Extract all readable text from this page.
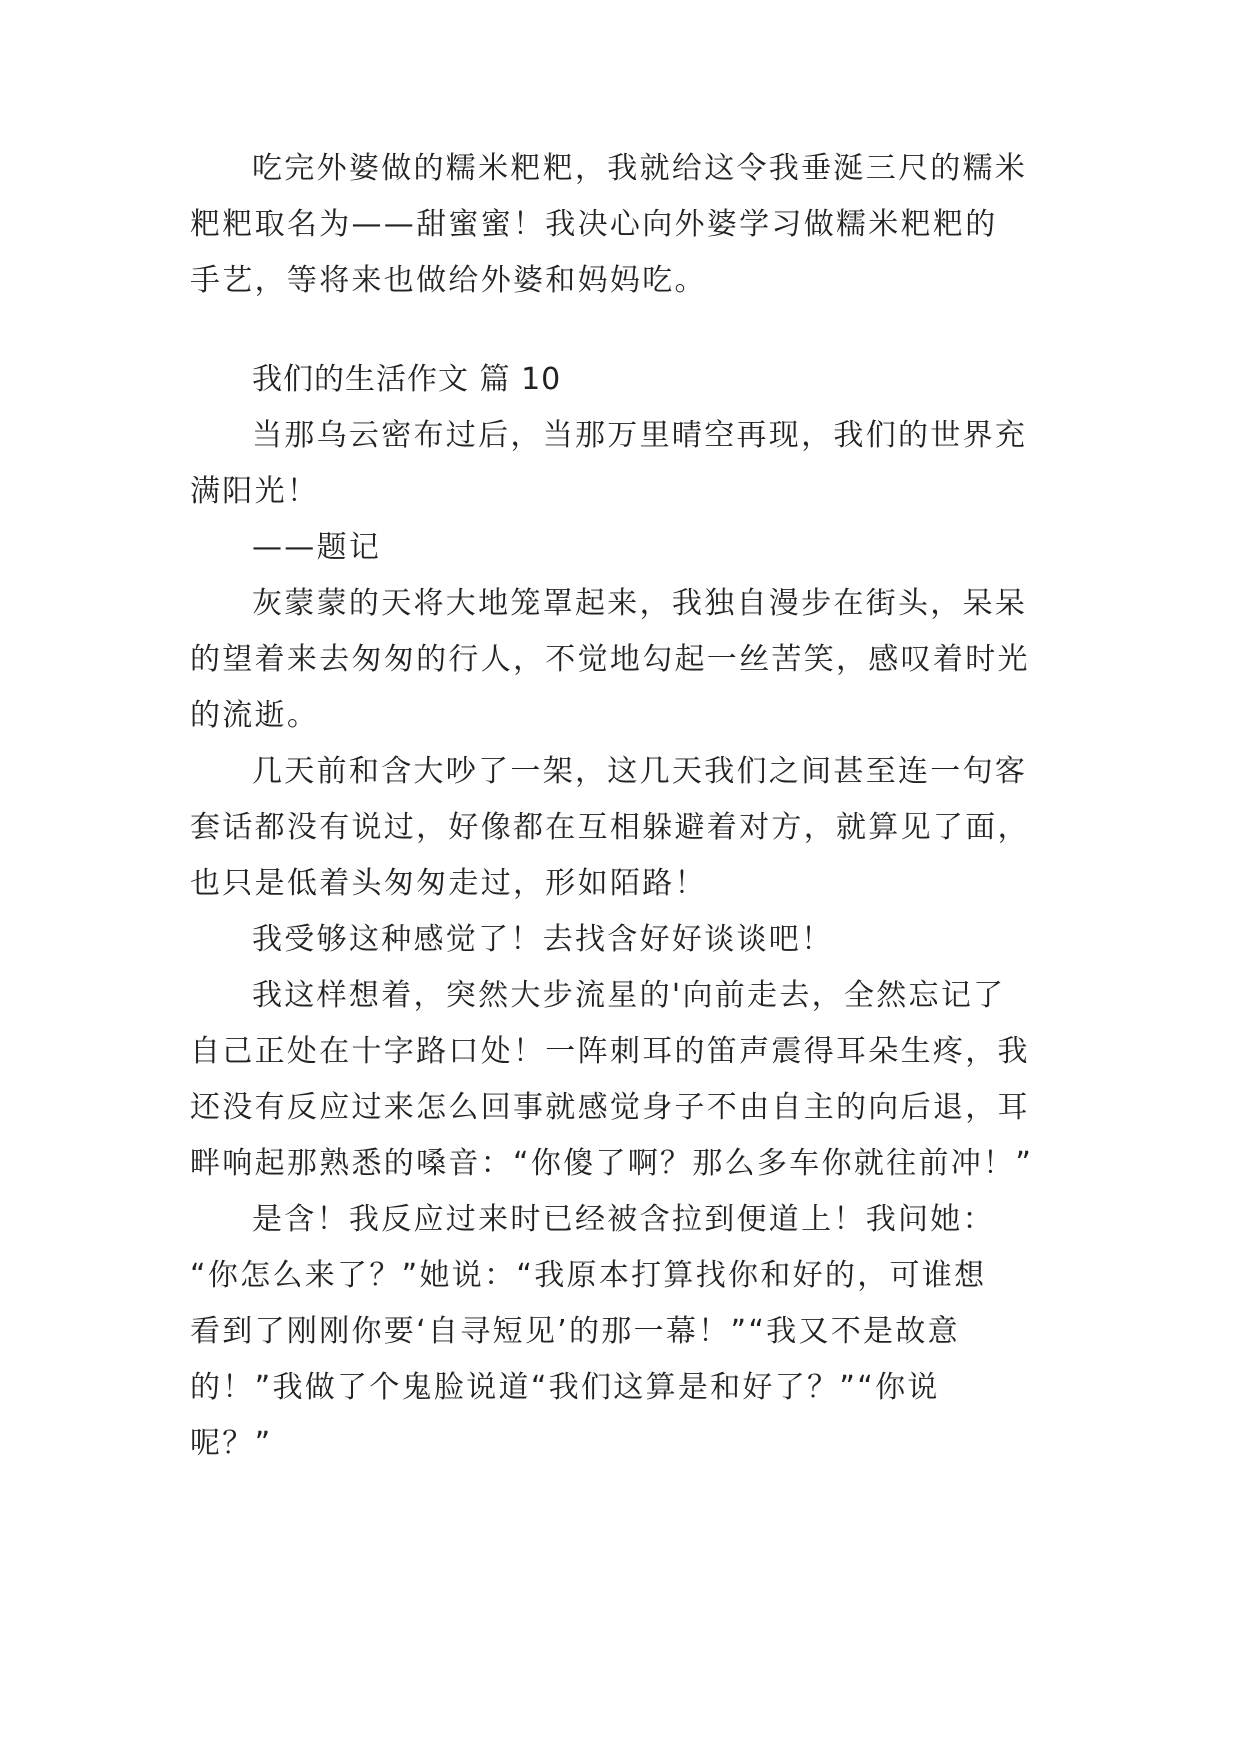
吃完外婆做的糯米粑粑，我就给这令我垂涎三尺的糯米
粑粑取名为——甜蜜蜜！我决心向外婆学习做糯米粑粑的
手艺，等将来也做给外婆和妈妈吃。
我们的生活作文 篇 10
当那乌云密布过后，当那万里晴空再现，我们的世界充
满阳光！
——题记
灰蒙蒙的天将大地笼罩起来，我独自漫步在街头，呆呆
的望着来去匆匆的行人，不觉地勾起一丝苦笑，感叹着时光
的流逝。
几天前和含大吵了一架，这几天我们之间甚至连一句客
套话都没有说过，好像都在互相躲避着对方，就算见了面，
也只是低着头匆匆走过，形如陌路！
我受够这种感觉了！去找含好好谈谈吧！
我这样想着，突然大步流星的'向前走去，全然忘记了
自己正处在十字路口处！一阵刺耳的笛声震得耳朵生疼，我
还没有反应过来怎么回事就感觉身子不由自主的向后退，耳
畔响起那熟悉的嗓音：“你傻了啊？那么多车你就往前冲！”
是含！我反应过来时已经被含拉到便道上！我问她：
“你怎么来了？”她说：“我原本打算找你和好的，可谁想
看到了刚刚你要‘自寻短见’的那一幕！”“我又不是故意
的！”我做了个鬼脸说道“我们这算是和好了？”“你说
呢？”
